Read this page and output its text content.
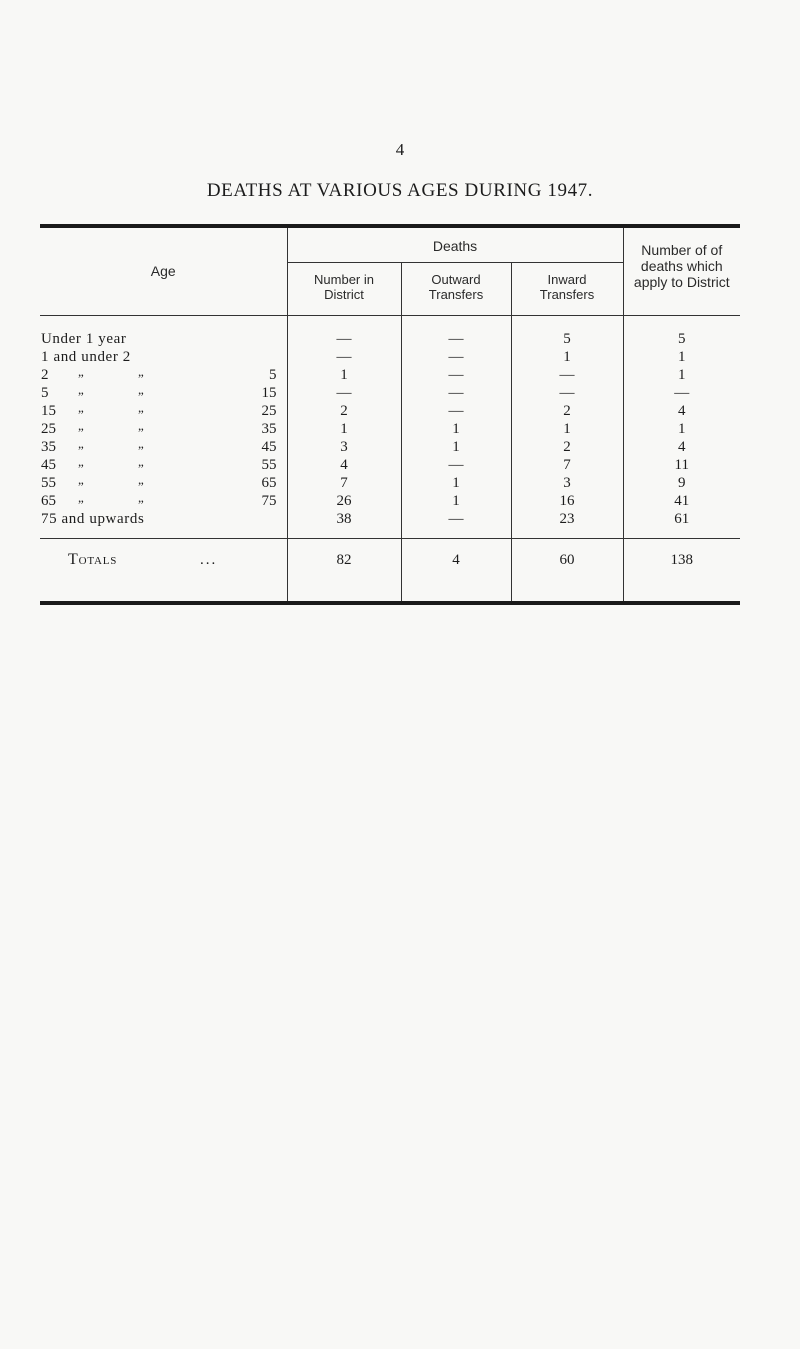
4
DEATHS AT VARIOUS AGES DURING 1947.
Age	Deaths			Number of of deaths which apply to District

	Number in District	Outward Transfers	Inward Transfers	

Under 1 year	—	—	5	5
1 and under 2	—	—	1	1

2 „ „ 5	1	—	—	1

5 „ „ 15	—	—	—	—

15 „ „ 25	2	—	2	4

25 „ „ 35	1	1	1	1

35 „ „ 45	3	1	2	4

45 „ „ 55	4	—	7	11

55 „ „ 65	7	1	3	9

65 „ „ 75	26	1	16	41
75 and upwards	38	—	23	61

Totals ...	82	4	60	138
